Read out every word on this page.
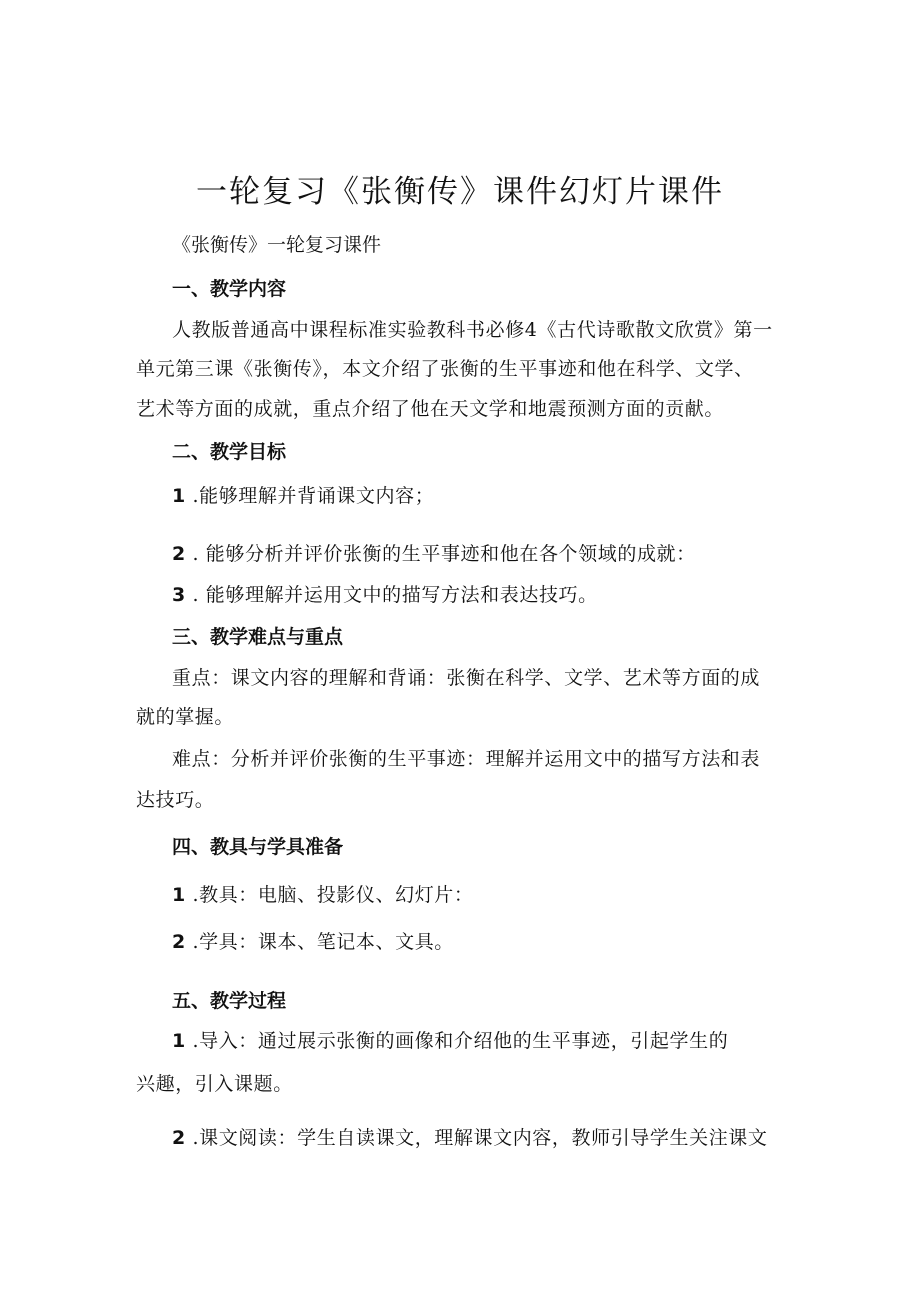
一轮复习《张衡传》课件幻灯片课件

《张衡传》一轮复习课件

一、教学内容

人教版普通高中课程标准实验教科书必修4《古代诗歌散文欣赏》第一

单元第三课《张衡传》，本文介绍了张衡的生平事迹和他在科学、文学、

艺术等方面的成就，重点介绍了他在天文学和地震预测方面的贡献。

二、教学目标

1 .能够理解并背诵课文内容；

2 . 能够分析并评价张衡的生平事迹和他在各个领域的成就：

3 . 能够理解并运用文中的描写方法和表达技巧。

三、教学难点与重点

重点：课文内容的理解和背诵：张衡在科学、文学、艺术等方面的成

就的掌握。

难点：分析并评价张衡的生平事迹：理解并运用文中的描写方法和表

达技巧。

四、教具与学具准备

1 .教具：电脑、投影仪、幻灯片：

2 .学具：课本、笔记本、文具。

五、教学过程

1 .导入：通过展示张衡的画像和介绍他的生平事迹，引起学生的

兴趣，引入课题。

2 .课文阅读：学生自读课文，理解课文内容，教师引导学生关注课文
